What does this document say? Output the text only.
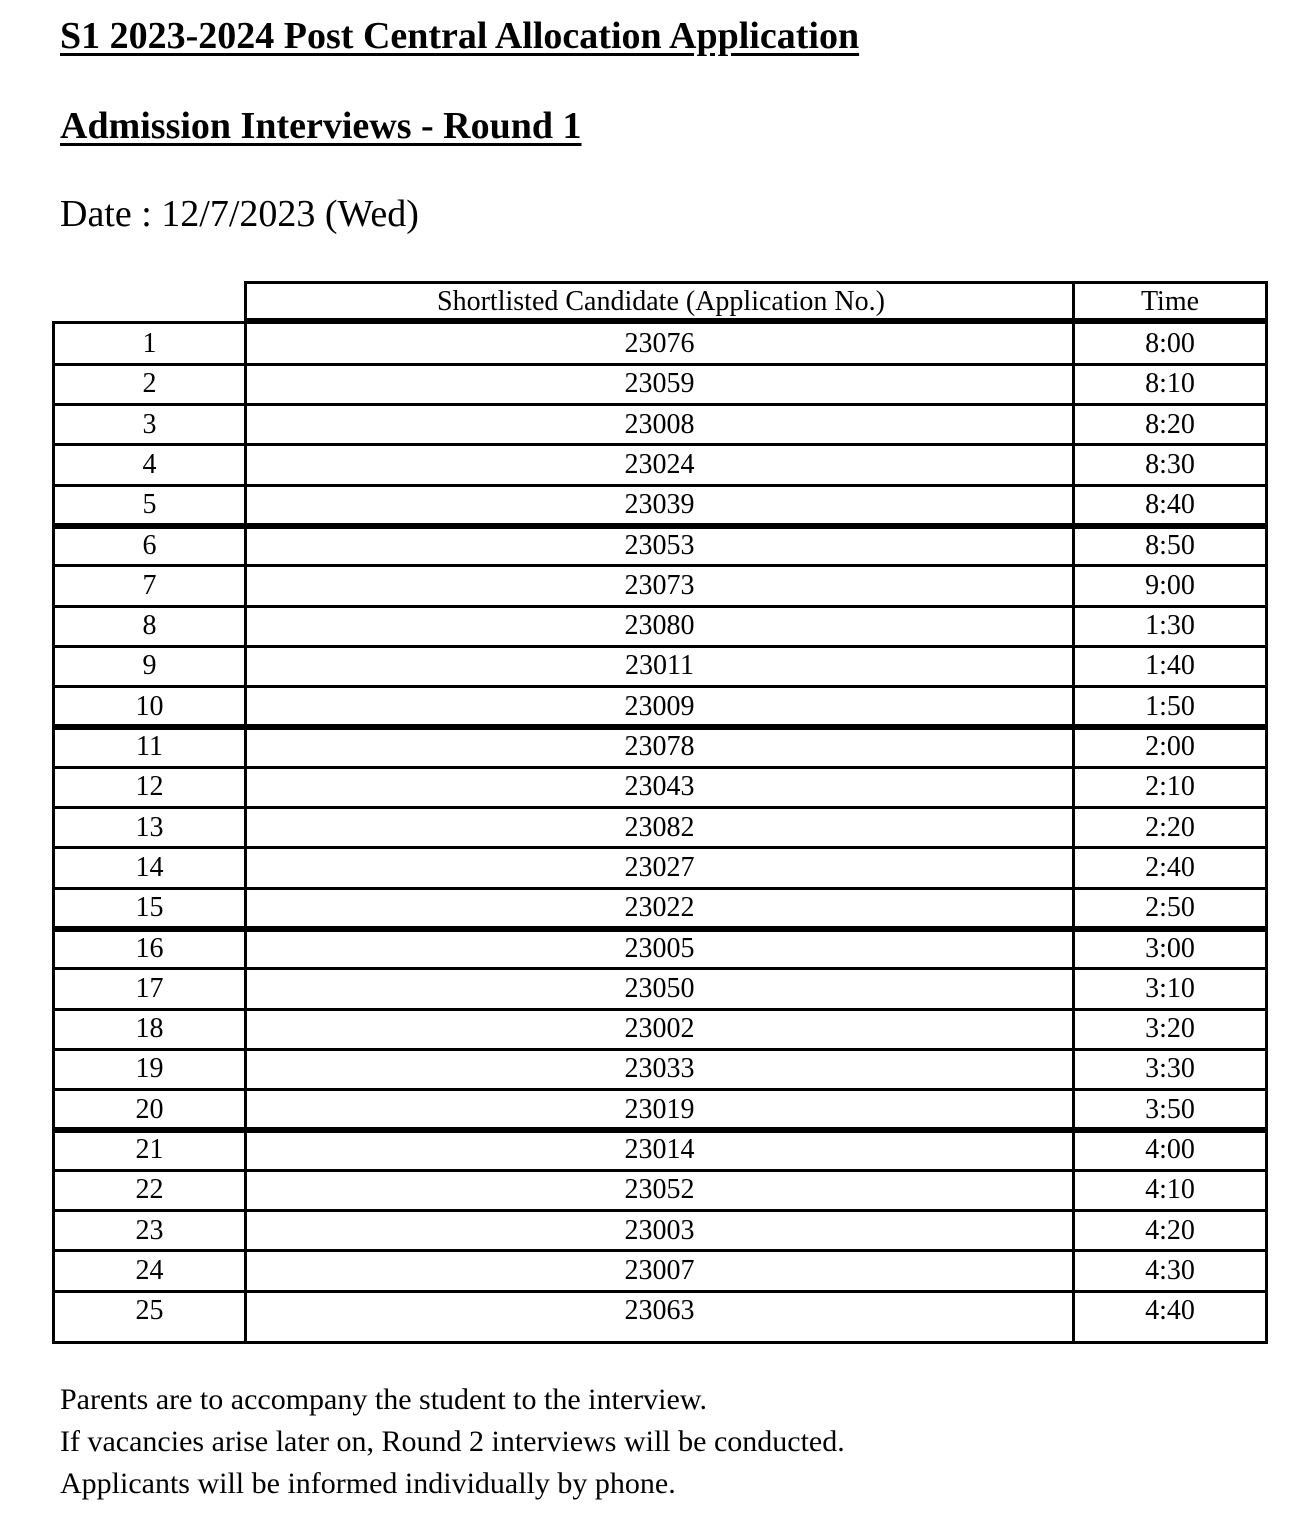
S1 2023-2024 Post Central Allocation Application
Admission Interviews - Round 1
Date : 12/7/2023 (Wed)
Shortlisted Candidate (Application No.)	Time
1	23076	8:00
2	23059	8:10
3	23008	8:20
4	23024	8:30
5	23039	8:40
6	23053	8:50
7	23073	9:00
8	23080	1:30
9	23011	1:40
10	23009	1:50
11	23078	2:00
12	23043	2:10
13	23082	2:20
14	23027	2:40
15	23022	2:50
16	23005	3:00
17	23050	3:10
18	23002	3:20
19	23033	3:30
20	23019	3:50
21	23014	4:00
22	23052	4:10
23	23003	4:20
24	23007	4:30
25	23063	4:40
Parents are to accompany the student to the interview.
If vacancies arise later on, Round 2 interviews will be conducted.
Applicants will be informed individually by phone.
